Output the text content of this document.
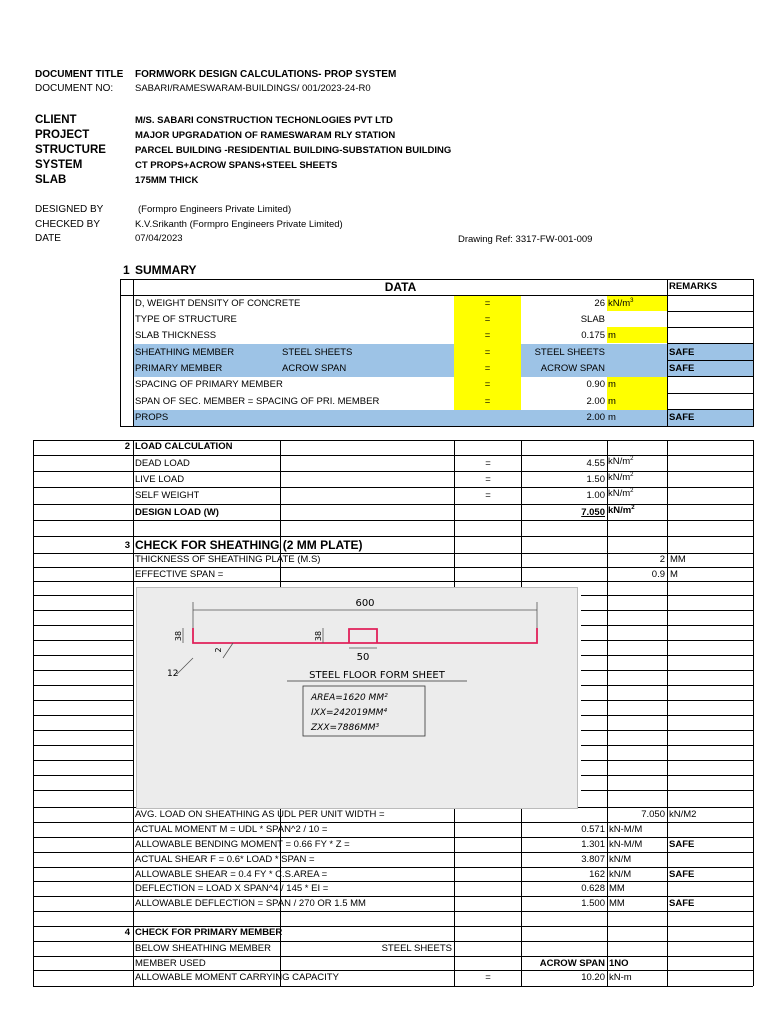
DOCUMENT TITLE FORMWORK DESIGN CALCULATIONS- PROP SYSTEM
DOCUMENT NO: SABARI/RAMESWARAM-BUILDINGS/ 001/2023-24-R0
CLIENT	M/S. SABARI CONSTRUCTION TECHONLOGIES PVT LTD
PROJECT	MAJOR UPGRADATION OF RAMESWARAM RLY STATION
STRUCTURE	PARCEL BUILDING -RESIDENTIAL BUILDING-SUBSTATION BUILDING
SYSTEM	CT PROPS+ACROW SPANS+STEEL SHEETS
SLAB	175MM THICK
DESIGNED BY	(Formpro Engineers Private Limited)
CHECKED BY	K.V.Srikanth (Formpro Engineers Private Limited)
DATE	07/04/2023	Drawing Ref: 3317-FW-001-009
1 SUMMARY
DATA	REMARKS
D, WEIGHT DENSITY OF CONCRETE	=	26 $kN/m^3$
TYPE OF STRUCTURE	=	SLAB
SLAB THICKNESS	=	0.175 m
SHEATHING MEMBER	STEEL SHEETS	=	STEEL SHEETS	SAFE
PRIMARY MEMBER	ACROW SPAN	=	ACROW SPAN	SAFE
SPACING OF PRIMARY MEMBER	=	0.90 m
SPAN OF SEC. MEMBER = SPACING OF PRI. MEMBER	=	2.00 m
PROPS	2.00 m	SAFE
2 LOAD CALCULATION
DEAD LOAD	=	4.55 $kN/m^2$
LIVE LOAD	=	1.50 $kN/m^2$
SELF WEIGHT	=	1.00 $kN/m^2$
DESIGN LOAD (W)	7.050 $kN/m^2$
3 CHECK FOR SHEATHING (2 MM PLATE)
THICKNESS OF SHEATHING PLATE (M.S)	2 MM
EFFECTIVE SPAN =	0.9 M
600
38	38
2
50
12	STEEL FLOOR FORM SHEET
AREA=1620 MM²
IXX=242019MM⁴
ZXX=7886MM³
AVG. LOAD ON SHEATHING AS UDL PER UNIT WIDTH =	7.050 kN/M2
ACTUAL MOMENT M = UDL * SPAN^2 / 10 =	0.571 kN-M/M
ALLOWABLE BENDING MOMENT = 0.66 FY * Z =	1.301 kN-M/M	SAFE
ACTUAL SHEAR F = 0.6* LOAD * SPAN =	3.807 kN/M
ALLOWABLE SHEAR = 0.4 FY * C.S.AREA =	162 kN/M	SAFE
DEFLECTION = LOAD X SPAN^4 / 145 * EI =	0.628 MM
ALLOWABLE DEFLECTION = SPAN / 270 OR 1.5 MM	1.500 MM	SAFE
4 CHECK FOR PRIMARY MEMBER
BELOW SHEATHING MEMBER	STEEL SHEETS
MEMBER USED	ACROW SPAN 1NO
ALLOWABLE MOMENT CARRYING CAPACITY	=	10.20 kN-m
